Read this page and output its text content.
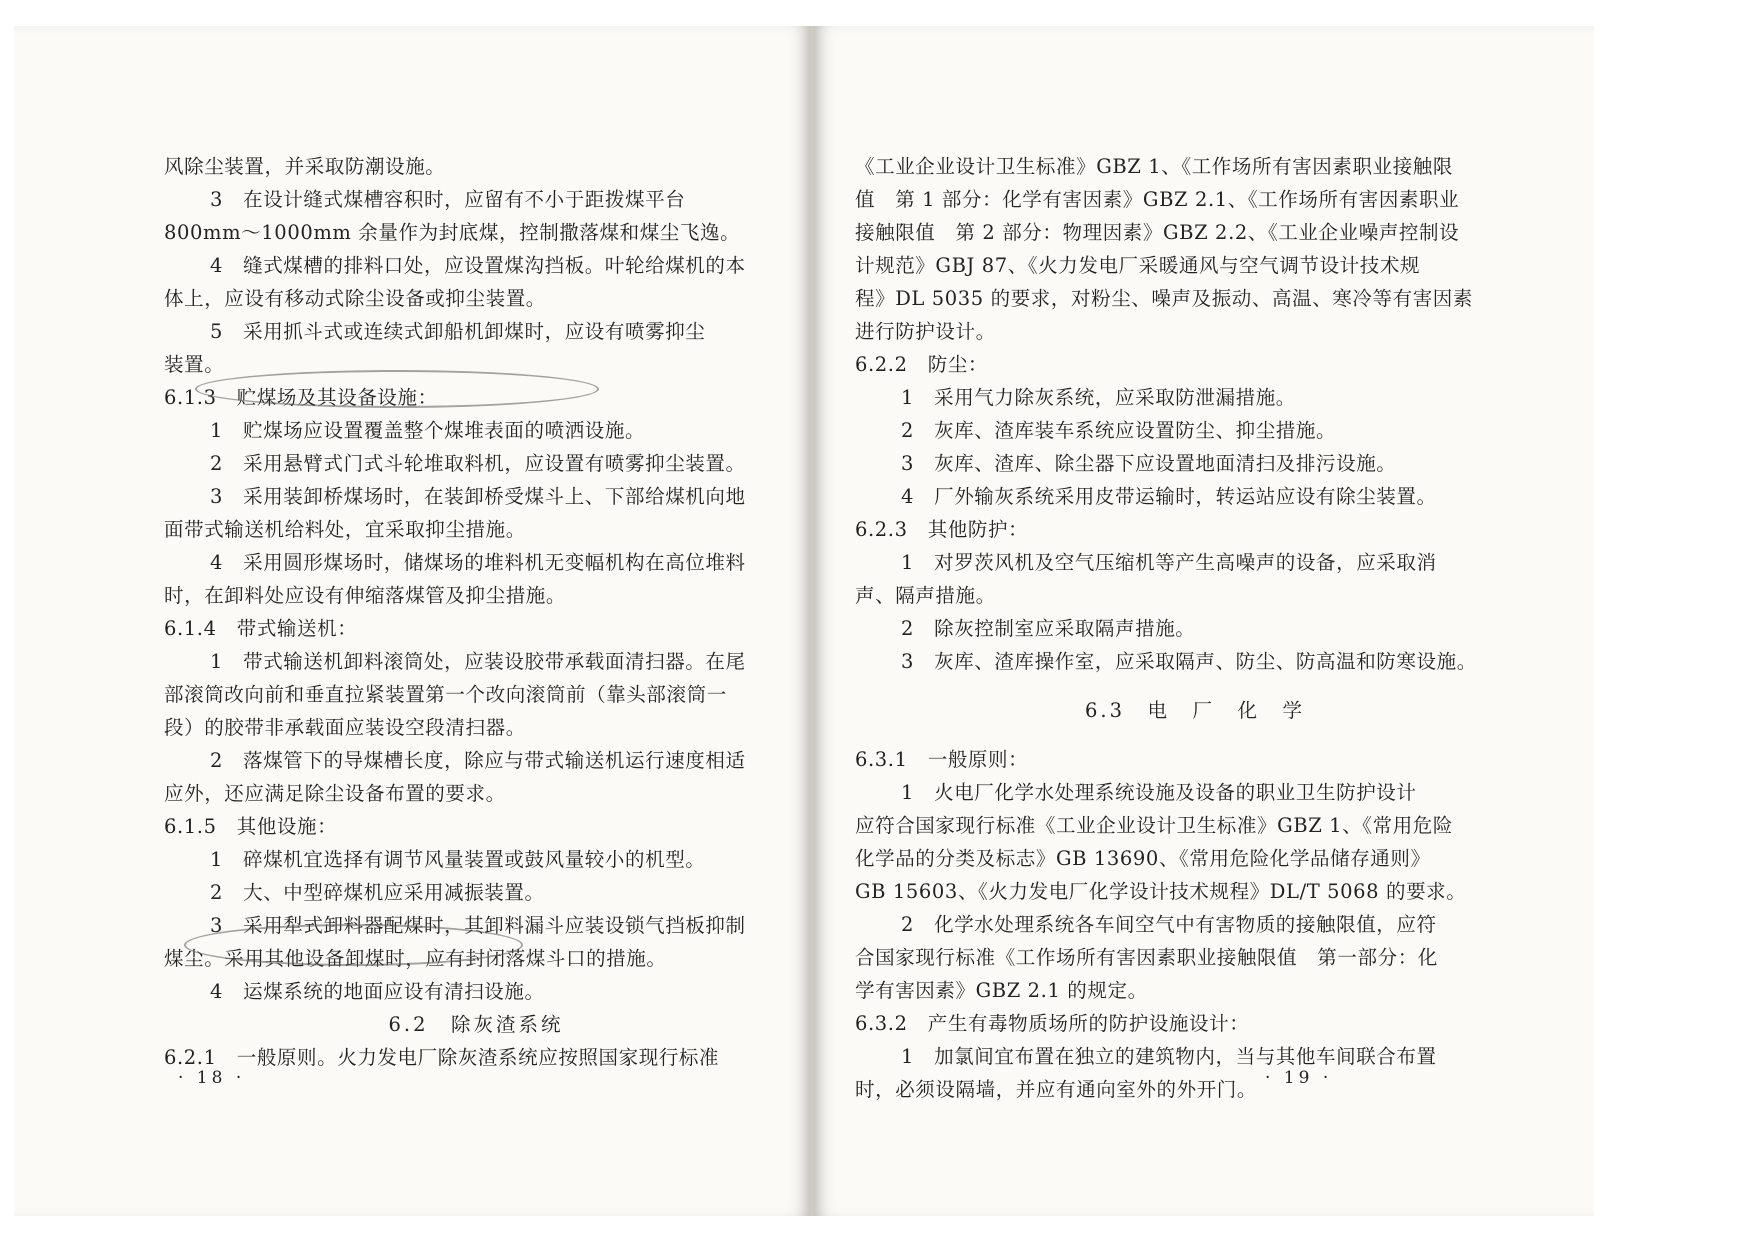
风除尘装置，并采取防潮设施。
3　在设计缝式煤槽容积时，应留有不小于距拨煤平台
800mm～1000mm 余量作为封底煤，控制撒落煤和煤尘飞逸。
4　缝式煤槽的排料口处，应设置煤沟挡板。叶轮给煤机的本
体上，应设有移动式除尘设备或抑尘装置。
5　采用抓斗式或连续式卸船机卸煤时，应设有喷雾抑尘
装置。
6.1.3　贮煤场及其设备设施：
1　贮煤场应设置覆盖整个煤堆表面的喷洒设施。
2　采用悬臂式门式斗轮堆取料机，应设置有喷雾抑尘装置。
3　采用装卸桥煤场时，在装卸桥受煤斗上、下部给煤机向地
面带式输送机给料处，宜采取抑尘措施。
4　采用圆形煤场时，储煤场的堆料机无变幅机构在高位堆料
时，在卸料处应设有伸缩落煤管及抑尘措施。
6.1.4　带式输送机：
1　带式输送机卸料滚筒处，应装设胶带承载面清扫器。在尾
部滚筒改向前和垂直拉紧装置第一个改向滚筒前（靠头部滚筒一
段）的胶带非承载面应装设空段清扫器。
2　落煤管下的导煤槽长度，除应与带式输送机运行速度相适
应外，还应满足除尘设备布置的要求。
6.1.5　其他设施：
1　碎煤机宜选择有调节风量装置或鼓风量较小的机型。
2　大、中型碎煤机应采用减振装置。
3　采用犁式卸料器配煤时，其卸料漏斗应装设锁气挡板抑制
煤尘。采用其他设备卸煤时，应有封闭落煤斗口的措施。
4　运煤系统的地面应设有清扫设施。
6.2　除灰渣系统
6.2.1　一般原则。火力发电厂除灰渣系统应按照国家现行标准
· 18 ·
《工业企业设计卫生标准》GBZ 1、《工作场所有害因素职业接触限
值　第 1 部分：化学有害因素》GBZ 2.1、《工作场所有害因素职业
接触限值　第 2 部分：物理因素》GBZ 2.2、《工业企业噪声控制设
计规范》GBJ 87、《火力发电厂采暖通风与空气调节设计技术规
程》DL 5035 的要求，对粉尘、噪声及振动、高温、寒冷等有害因素
进行防护设计。
6.2.2　防尘：
1　采用气力除灰系统，应采取防泄漏措施。
2　灰库、渣库装车系统应设置防尘、抑尘措施。
3　灰库、渣库、除尘器下应设置地面清扫及排污设施。
4　厂外输灰系统采用皮带运输时，转运站应设有除尘装置。
6.2.3　其他防护：
1　对罗茨风机及空气压缩机等产生高噪声的设备，应采取消
声、隔声措施。
2　除灰控制室应采取隔声措施。
3　灰库、渣库操作室，应采取隔声、防尘、防高温和防寒设施。
6.3　电　厂　化　学
6.3.1　一般原则：
1　火电厂化学水处理系统设施及设备的职业卫生防护设计
应符合国家现行标准《工业企业设计卫生标准》GBZ 1、《常用危险
化学品的分类及标志》GB 13690、《常用危险化学品储存通则》
GB 15603、《火力发电厂化学设计技术规程》DL/T 5068 的要求。
2　化学水处理系统各车间空气中有害物质的接触限值，应符
合国家现行标准《工作场所有害因素职业接触限值　第一部分：化
学有害因素》GBZ 2.1 的规定。
6.3.2　产生有毒物质场所的防护设施设计：
1　加氯间宜布置在独立的建筑物内，当与其他车间联合布置
时，必须设隔墙，并应有通向室外的外开门。 · 19 ·
